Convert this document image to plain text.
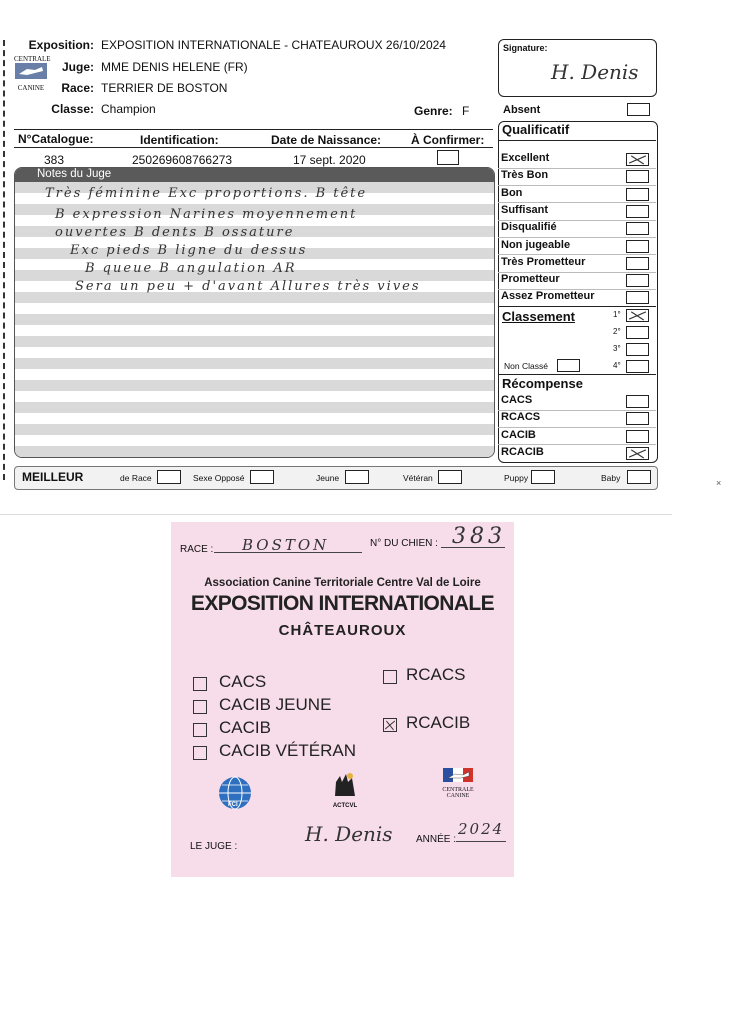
CENTRALE
CANINE
Exposition: EXPOSITION INTERNATIONALE - CHATEAUROUX 26/10/2024
Juge: MME DENIS HELENE (FR)
Race: TERRIER DE BOSTON
Classe: Champion	Genre: F
Signature:
H. Denis
Absent
N°Catalogue:	Identification:	Date de Naissance: À Confirmer:
383	250269608766273	17 sept. 2020
Notes du Juge
Très féminine Exc proportions. B tête
B expression Narines moyennement
ouvertes B dents B ossature
Exc pieds B ligne du dessus
B queue B angulation AR
Sera un peu + d'avant Allures très vives
Qualificatif
Classement
Non Classé
Récompense
MEILLEUR	×
RACE : BOSTON	N° DU CHIEN : 383
Association Canine Territoriale Centre Val de Loire
EXPOSITION INTERNATIONALE
CHÂTEAUROUX
FCI	ACTCVL
CENTRALE
CANINE
LE JUGE :
H. Denis ANNÉE :
2024
Excellent
Très Bon
Bon
Suffisant
Disqualifié
Non jugeable
Très Prometteur
Prometteur
Assez Prometteur
1°
2°
3°
4°
CACS
RCACS
CACIB
RCACIB
de Race	Sexe Opposé	Jeune	Vétéran	Puppy	Baby
CACS
CACIB JEUNE
CACIB
CACIB VÉTÉRAN
RCACS
RCACIB
